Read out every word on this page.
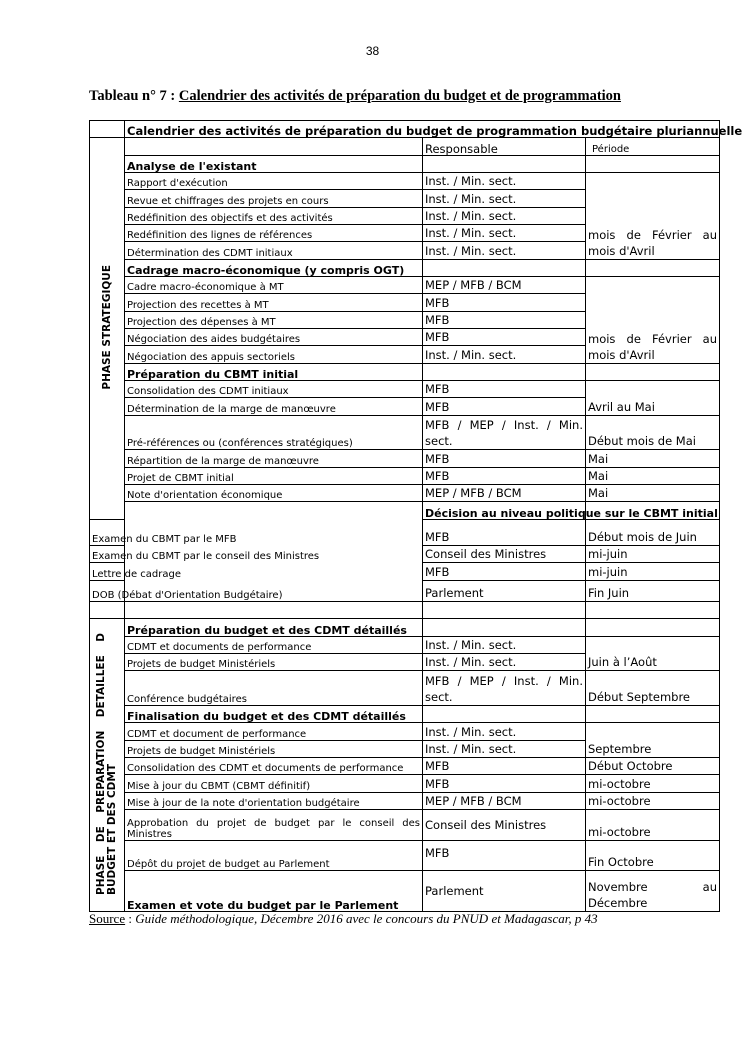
38
Tableau n° 7 : Calendrier des activités de préparation du budget et de programmation
	Calendrier des activités de préparation du budget de programmation budgétaire pluriannuelle			
PHASE STRATEGIQUE		Responsable	Période	
	Analyse de l'existant			
	Rapport d'exécution	Inst. / Min. sect.	mois de Février au
mois d'Avril	
	Revue et chiffrages des projets en cours	Inst. / Min. sect.		
	Redéfinition des objectifs et des activités	Inst. / Min. sect.		
	Redéfinition des lignes de références	Inst. / Min. sect.		
	Détermination des CDMT initiaux	Inst. / Min. sect.		
	Cadrage macro-économique (y compris OGT)			
	Cadre macro-économique à MT	MEP / MFB / BCM	mois de Février au
mois d'Avril	
	Projection des recettes à MT	MFB		
	Projection des dépenses à MT	MFB		
	Négociation des aides budgétaires	MFB		
	Négociation des appuis sectoriels	Inst. / Min. sect.		
	Préparation du CBMT initial			
	Consolidation des CDMT initiaux	MFB	Avril au Mai	
	Détermination de la marge de manœuvre	MFB		
	Pré-références ou (conférences stratégiques)	MFB / MEP / Inst. / Min.
sect.	Début mois de Mai	
	Répartition de la marge de manœuvre	MFB	Mai	
	Projet de CBMT initial	MFB	Mai	
	Note d'orientation économique	MEP / MFB / BCM	Mai	
		Décision au niveau politique sur le CBMT initial		
Examen du CBMT par le MFB		MFB	Début mois de Juin	
Examen du CBMT par le conseil des Ministres		Conseil des Ministres	mi-juin	
Lettre de cadrage		MFB	mi-juin	
DOB (Débat d'Orientation Budgétaire)		Parlement	Fin Juin	

PHASE DE PREPARATION DETAILLEE D BUDGET ET DES CDMT	Préparation du budget et des CDMT détaillés			
	CDMT et documents de performance	Inst. / Min. sect.	Juin à l’Août	
	Projets de budget Ministériels	Inst. / Min. sect.		
	Conférence budgétaires	MFB / MEP / Inst. / Min.
sect.	Début Septembre	
	Finalisation du budget et des CDMT détaillés			
	CDMT et document de performance	Inst. / Min. sect.	Septembre	
	Projets de budget Ministériels	Inst. / Min. sect.		
	Consolidation des CDMT et documents de performance	MFB	Début Octobre	
	Mise à jour du CBMT (CBMT définitif)	MFB	mi-octobre	
	Mise à jour de la note d'orientation budgétaire	MEP / MFB / BCM	mi-octobre	

	Approbation du projet de budget par le conseil des
Ministres	Conseil des Ministres	mi-octobre	
	Dépôt du projet de budget au Parlement	MFB	Fin Octobre	
	Examen et vote du budget par le Parlement	Parlement	Novembre au
Décembre	
Source : Guide méthodologique, Décembre 2016 avec le concours du PNUD et Madagascar, p 43
